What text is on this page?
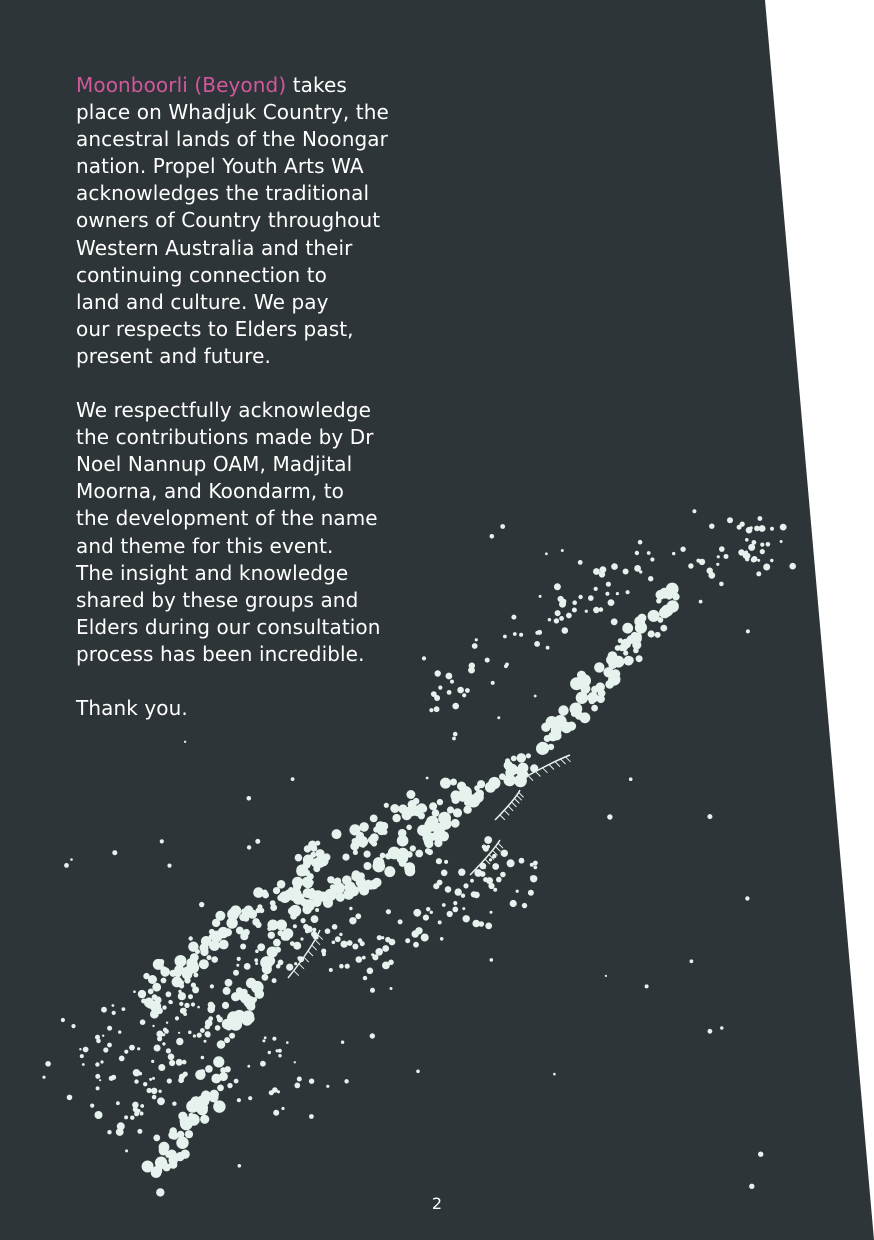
Moonboorli (Beyond) takes
place on Whadjuk Country, the
ancestral lands of the Noongar
nation. Propel Youth Arts WA
acknowledges the traditional
owners of Country throughout
Western Australia and their
continuing connection to
land and culture. We pay
our respects to Elders past,
present and future.

We respectfully acknowledge
the contributions made by Dr
Noel Nannup OAM, Madjital
Moorna, and Koondarm, to
the development of the name
and theme for this event.
The insight and knowledge
shared by these groups and
Elders during our consultation
process has been incredible.

Thank you.

2
